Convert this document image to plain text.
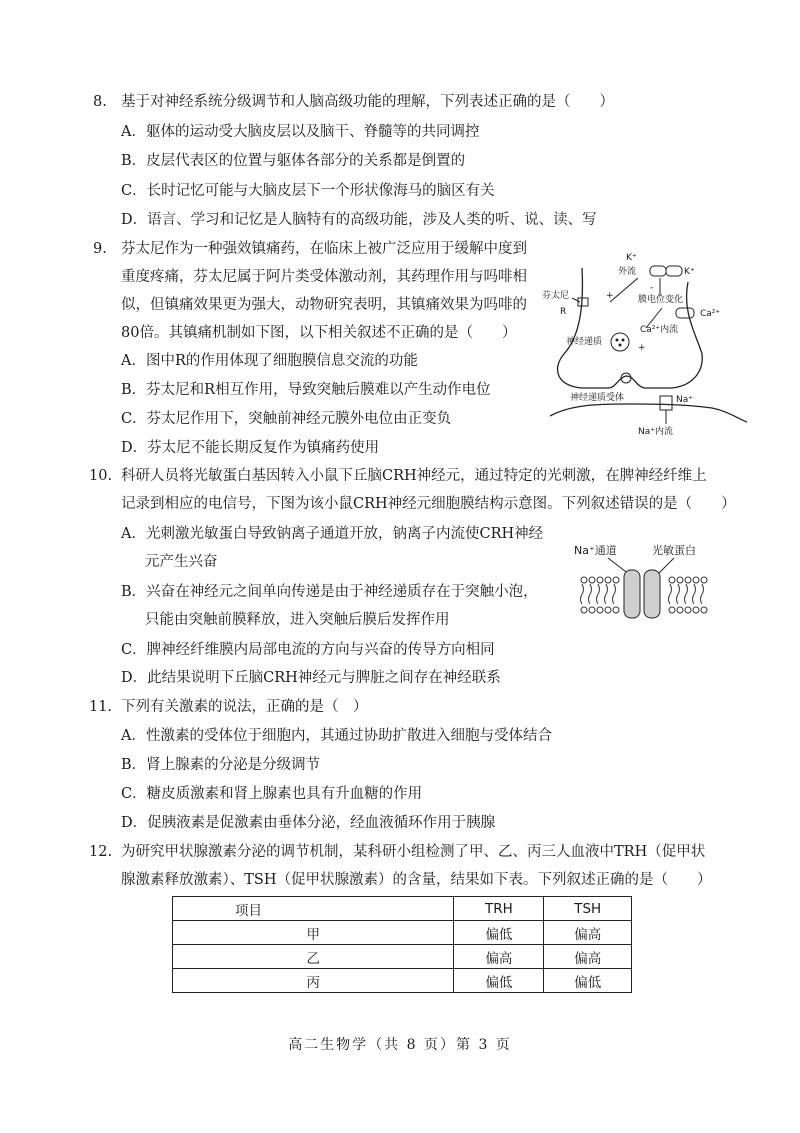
8. 基于对神经系统分级调节和人脑高级功能的理解，下列表述正确的是（　　）
A．躯体的运动受大脑皮层以及脑干、脊髓等的共同调控
B．皮层代表区的位置与躯体各部分的关系都是倒置的
C．长时记忆可能与大脑皮层下一个形状像海马的脑区有关
D．语言、学习和记忆是人脑特有的高级功能，涉及人类的听、说、读、写
9. 芬太尼作为一种强效镇痛药，在临床上被广泛应用于缓解中度到
重度疼痛，芬太尼属于阿片类受体激动剂，其药理作用与吗啡相
似，但镇痛效果更为强大，动物研究表明，其镇痛效果为吗啡的
80倍。其镇痛机制如下图，以下相关叙述不正确的是（　　）
A．图中R的作用体现了细胞膜信息交流的功能
B．芬太尼和R相互作用，导致突触后膜难以产生动作电位
C．芬太尼作用下，突触前神经元膜外电位由正变负
D．芬太尼不能长期反复作为镇痛药使用
K⁺
外流	K⁺
+
-
膜电位变化
芬太尼
R	Ca²⁺
Ca²⁺内流
+
神经递质
神经递质受体	Na⁺
Na⁺内流
10. 科研人员将光敏蛋白基因转入小鼠下丘脑CRH神经元，通过特定的光刺激，在脾神经纤维上
记录到相应的电信号，下图为该小鼠CRH神经元细胞膜结构示意图。下列叙述错误的是（　　）
A．光刺激光敏蛋白导致钠离子通道开放，钠离子内流使CRH神经
元产生兴奋
B．兴奋在神经元之间单向传递是由于神经递质存在于突触小泡，
只能由突触前膜释放，进入突触后膜后发挥作用
C．脾神经纤维膜内局部电流的方向与兴奋的传导方向相同
D．此结果说明下丘脑CRH神经元与脾脏之间存在神经联系
Na⁺通道	光敏蛋白
11. 下列有关激素的说法，正确的是（　）
A．性激素的受体位于细胞内，其通过协助扩散进入细胞与受体结合
B．肾上腺素的分泌是分级调节
C．糖皮质激素和肾上腺素也具有升血糖的作用
D．促胰液素是促激素由垂体分泌，经血液循环作用于胰腺
12. 为研究甲状腺激素分泌的调节机制，某科研小组检测了甲、乙、丙三人血液中TRH（促甲状
腺激素释放激素）、TSH（促甲状腺激素）的含量，结果如下表。下列叙述正确的是（　　）
项目	TRH	TSH
甲	偏低	偏高
乙	偏高	偏高
丙	偏低	偏低
高二生物学（共 8 页）第 3 页
